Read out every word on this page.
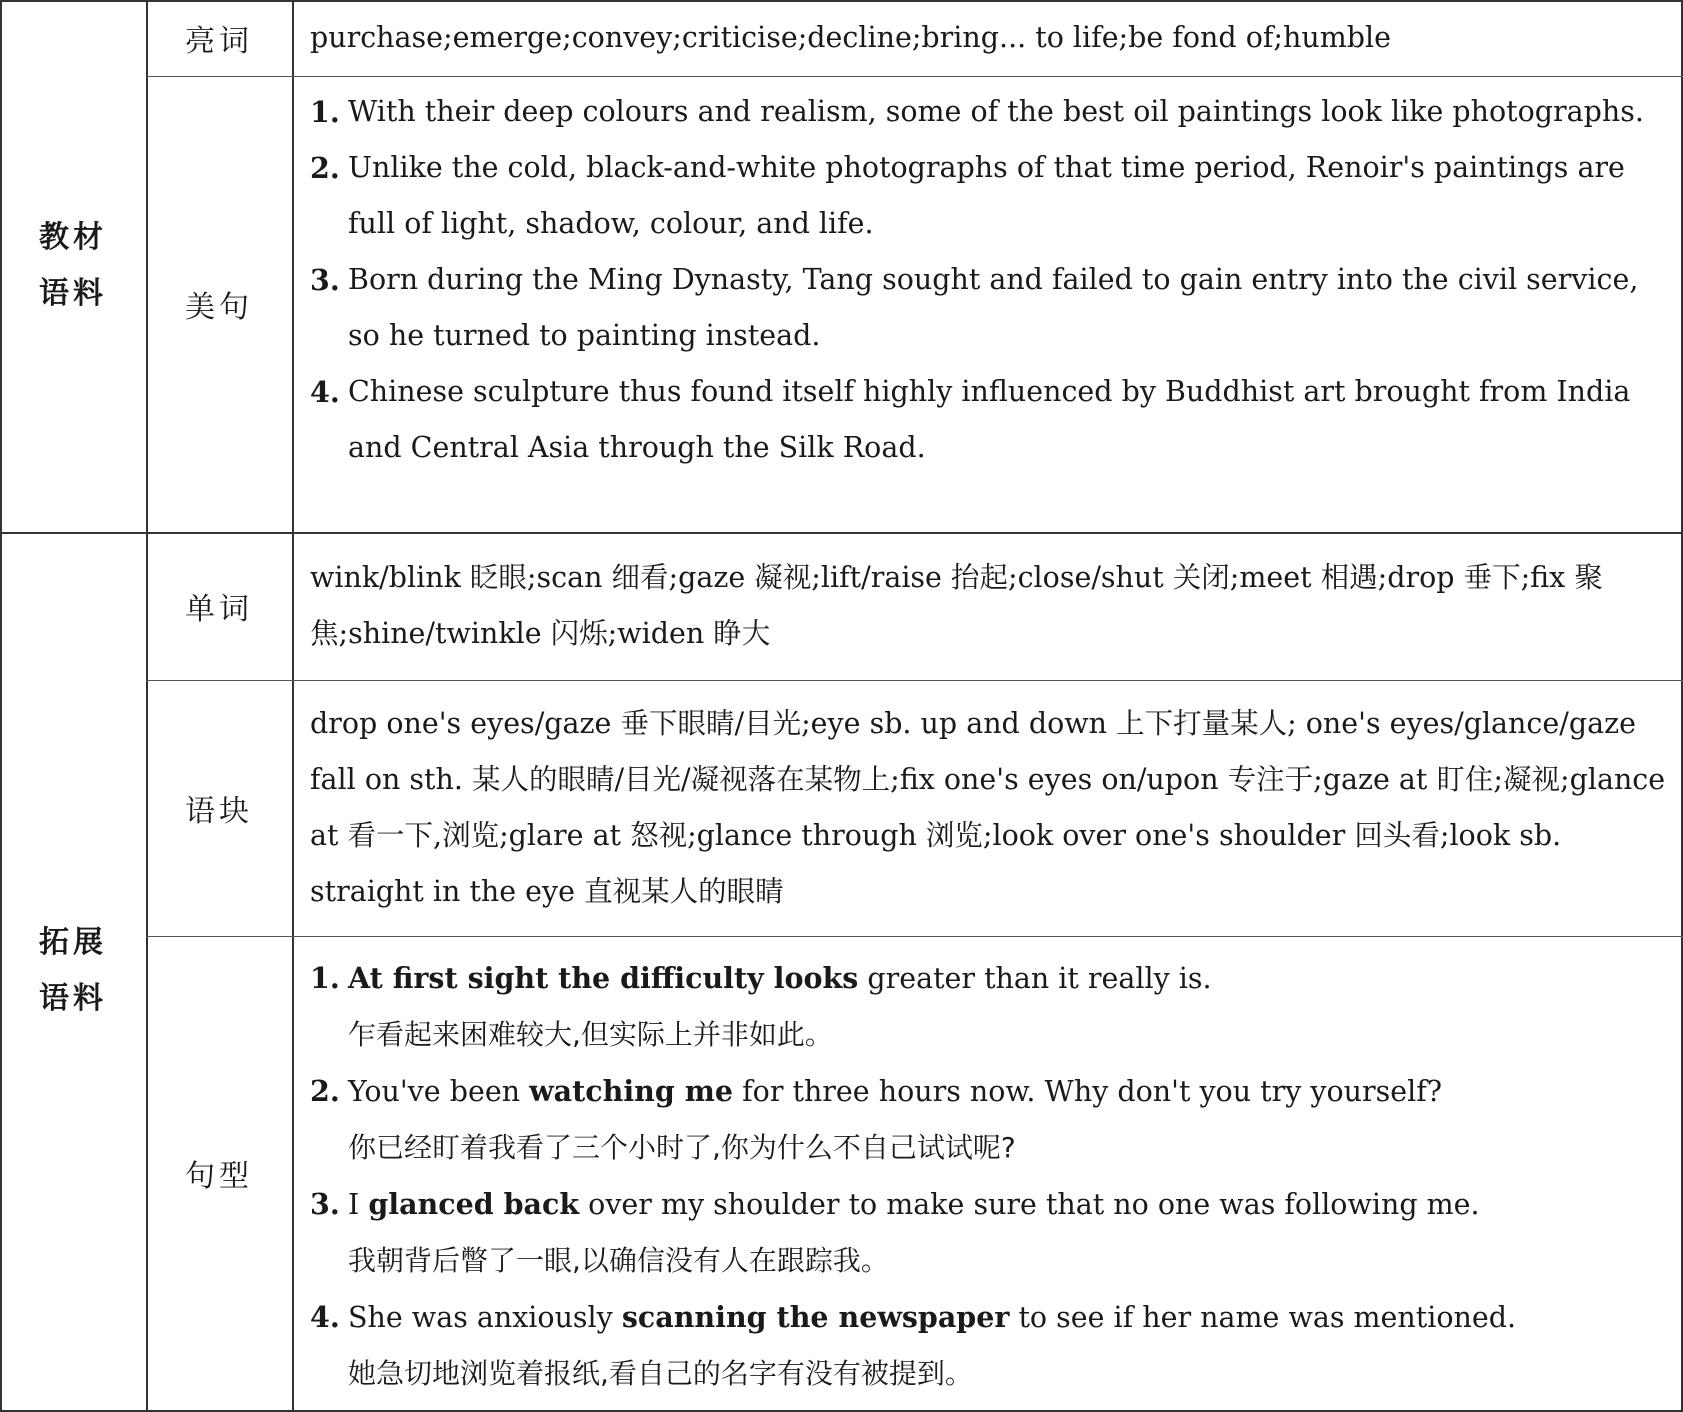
教材
语料
拓展
语料
亮词
美句
单词
语块
句型
purchase;emerge;convey;criticise;decline;bring... to life;be fond of;humble
1. With their deep colours and realism, some of the best oil paintings look like photographs.
2. Unlike the cold, black-and-white photographs of that time period, Renoir's paintings are full of light, shadow, colour, and life.
3. Born during the Ming Dynasty, Tang sought and failed to gain entry into the civil service, so he turned to painting instead.
4. Chinese sculpture thus found itself highly influenced by Buddhist art brought from India and Central Asia through the Silk Road.
wink/blink 眨眼;scan 细看;gaze 凝视;lift/raise 抬起;close/shut 关闭;meet 相遇;drop 垂下;fix 聚焦;shine/twinkle 闪烁;widen 睁大
drop one's eyes/gaze 垂下眼睛/目光;eye sb. up and down 上下打量某人; one's eyes/glance/gaze fall on sth. 某人的眼睛/目光/凝视落在某物上;fix one's eyes on/upon 专注于;gaze at 盯住;凝视;glance at 看一下,浏览;glare at 怒视;glance through 浏览;look over one's shoulder 回头看;look sb. straight in the eye 直视某人的眼睛
1. At first sight the difficulty looks greater than it really is.
乍看起来困难较大,但实际上并非如此。
2. You've been watching me for three hours now. Why don't you try yourself?
你已经盯着我看了三个小时了,你为什么不自己试试呢?
3. I glanced back over my shoulder to make sure that no one was following me.
我朝背后瞥了一眼,以确信没有人在跟踪我。
4. She was anxiously scanning the newspaper to see if her name was mentioned.
她急切地浏览着报纸,看自己的名字有没有被提到。
